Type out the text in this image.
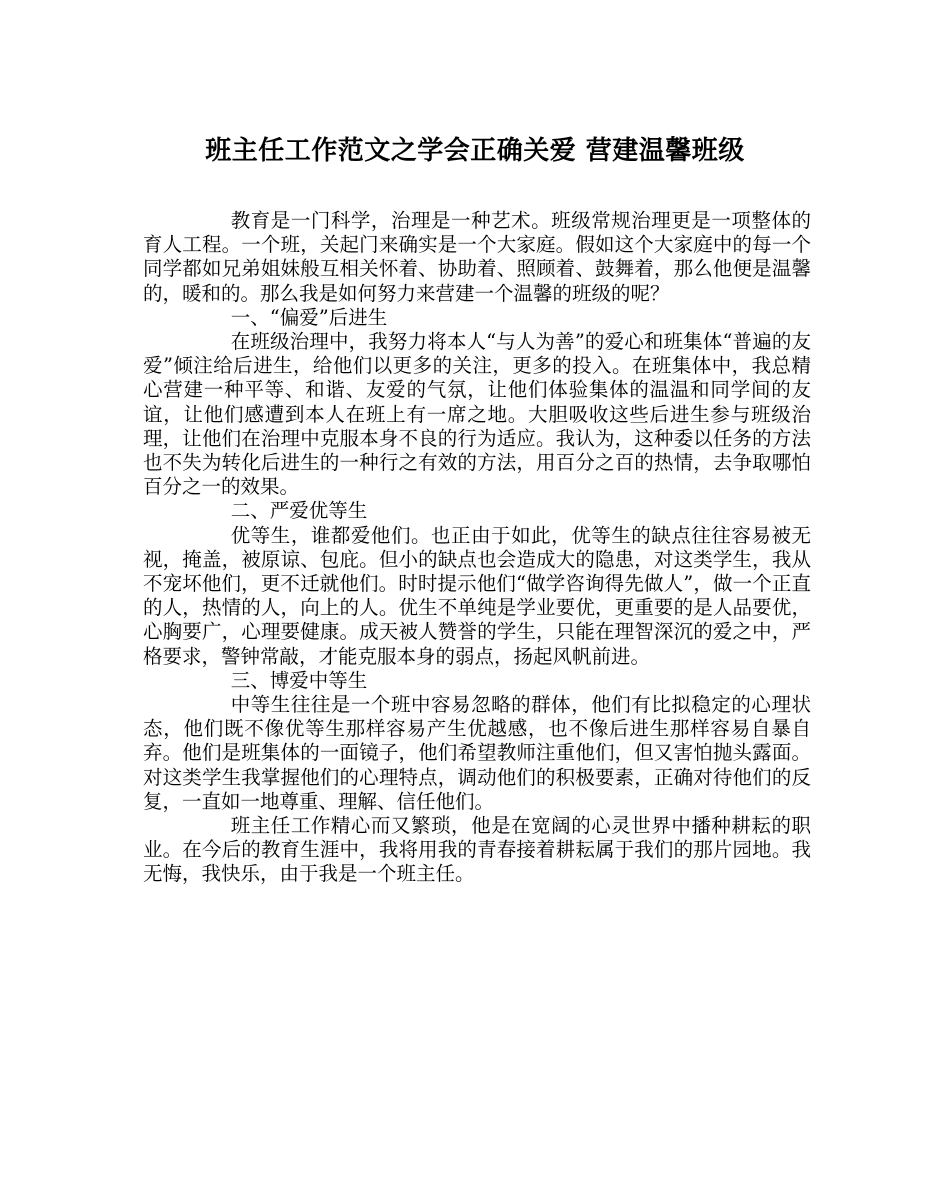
班主任工作范文之学会正确关爱 营建温馨班级

教育是一门科学，治理是一种艺术。班级常规治理更是一项整体的育人工程。一个班，关起门来确实是一个大家庭。假如这个大家庭中的每一个同学都如兄弟姐妹般互相关怀着、协助着、照顾着、鼓舞着，那么他便是温馨的，暖和的。那么我是如何努力来营建一个温馨的班级的呢？

一、“偏爱”后进生

在班级治理中，我努力将本人“与人为善”的爱心和班集体“普遍的友爱”倾注给后进生，给他们以更多的关注，更多的投入。在班集体中，我总精心营建一种平等、和谐、友爱的气氛，让他们体验集体的温温和同学间的友谊，让他们感遭到本人在班上有一席之地。大胆吸收这些后进生参与班级治理，让他们在治理中克服本身不良的行为适应。我认为，这种委以任务的方法也不失为转化后进生的一种行之有效的方法，用百分之百的热情，去争取哪怕百分之一的效果。

二、严爱优等生

优等生，谁都爱他们。也正由于如此，优等生的缺点往往容易被无视，掩盖，被原谅、包庇。但小的缺点也会造成大的隐患，对这类学生，我从不宠坏他们，更不迁就他们。时时提示他们“做学咨询得先做人”，做一个正直的人，热情的人，向上的人。优生不单纯是学业要优，更重要的是人品要优，心胸要广，心理要健康。成天被人赞誉的学生，只能在理智深沉的爱之中，严格要求，警钟常敲，才能克服本身的弱点，扬起风帆前进。

三、博爱中等生

中等生往往是一个班中容易忽略的群体，他们有比拟稳定的心理状态，他们既不像优等生那样容易产生优越感，也不像后进生那样容易自暴自弃。他们是班集体的一面镜子，他们希望教师注重他们，但又害怕抛头露面。对这类学生我掌握他们的心理特点，调动他们的积极要素，正确对待他们的反复，一直如一地尊重、理解、信任他们。

班主任工作精心而又繁琐，他是在宽阔的心灵世界中播种耕耘的职业。在今后的教育生涯中，我将用我的青春接着耕耘属于我们的那片园地。我无悔，我快乐，由于我是一个班主任。
